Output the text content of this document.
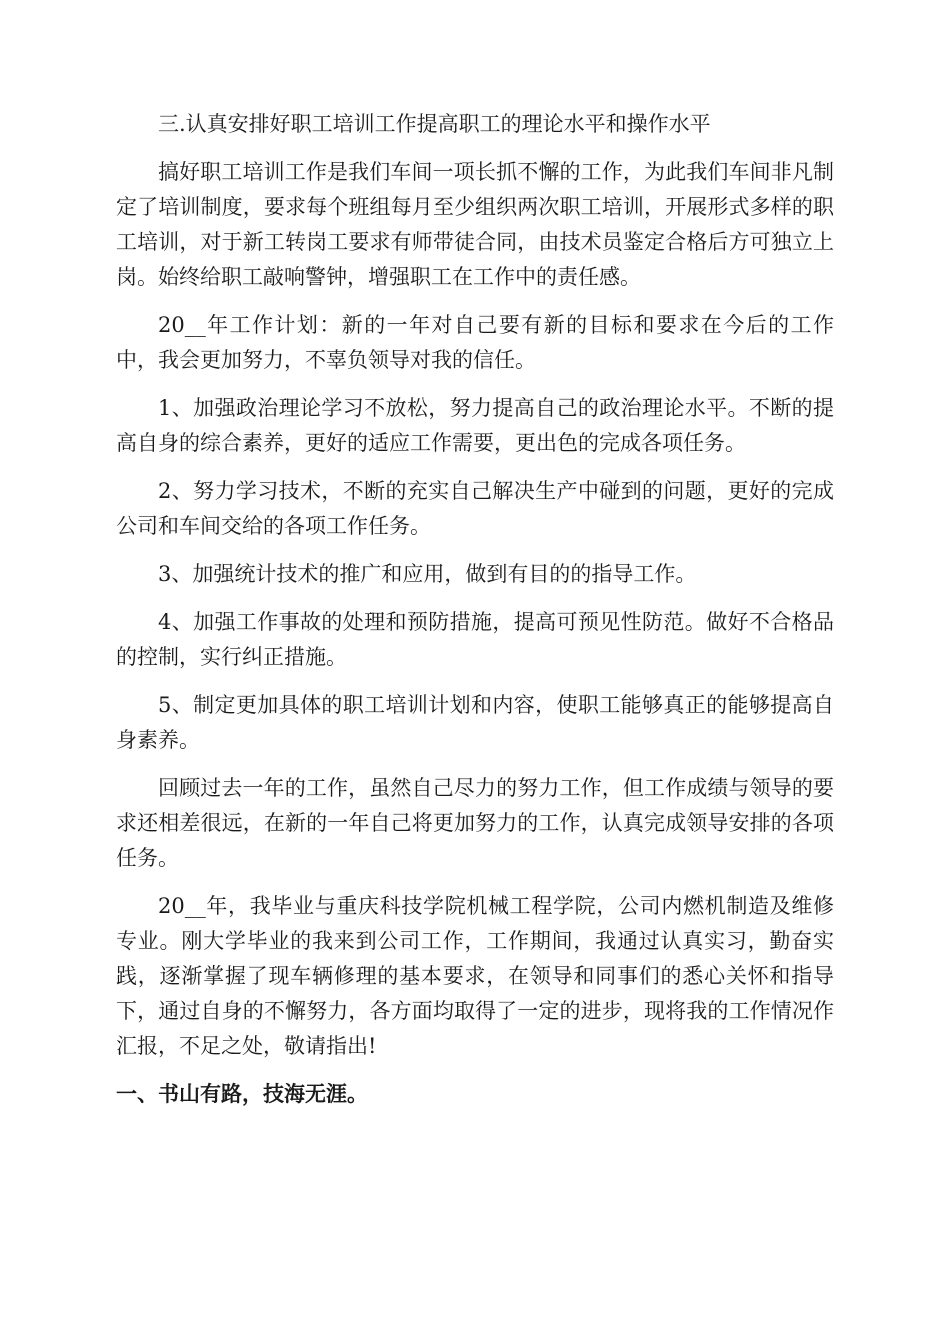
三.认真安排好职工培训工作提高职工的理论水平和操作水平

搞好职工培训工作是我们车间一项长抓不懈的工作，为此我们车间非凡制定了培训制度，要求每个班组每月至少组织两次职工培训，开展形式多样的职工培训，对于新工转岗工要求有师带徒合同，由技术员鉴定合格后方可独立上岗。始终给职工敲响警钟，增强职工在工作中的责任感。

20__年工作计划：新的一年对自己要有新的目标和要求在今后的工作中，我会更加努力，不辜负领导对我的信任。

1、加强政治理论学习不放松，努力提高自己的政治理论水平。不断的提高自身的综合素养，更好的适应工作需要，更出色的完成各项任务。

2、努力学习技术，不断的充实自己解决生产中碰到的问题，更好的完成公司和车间交给的各项工作任务。

3、加强统计技术的推广和应用，做到有目的的指导工作。

4、加强工作事故的处理和预防措施，提高可预见性防范。做好不合格品的控制，实行纠正措施。

5、制定更加具体的职工培训计划和内容，使职工能够真正的能够提高自身素养。

回顾过去一年的工作，虽然自己尽力的努力工作，但工作成绩与领导的要求还相差很远，在新的一年自己将更加努力的工作，认真完成领导安排的各项任务。

20__年，我毕业与重庆科技学院机械工程学院，公司内燃机制造及维修专业。刚大学毕业的我来到公司工作，工作期间，我通过认真实习，勤奋实践，逐渐掌握了现车辆修理的基本要求，在领导和同事们的悉心关怀和指导下，通过自身的不懈努力，各方面均取得了一定的进步，现将我的工作情况作汇报，不足之处，敬请指出!

一、书山有路，技海无涯。
